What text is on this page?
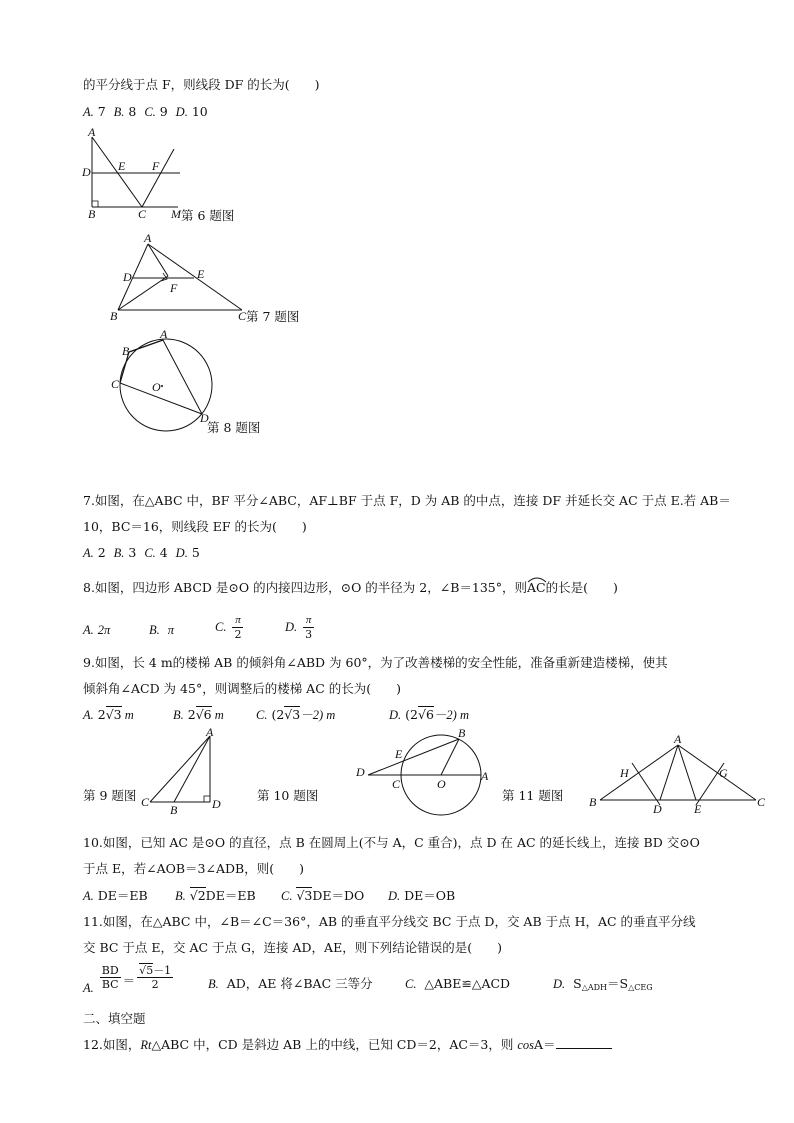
的平分线于点 F，则线段 DF 的长为(　　)
A. 7 B. 8 C. 9 D. 10
A
D E F
B	C M 第 6 题图
A
D	E
F
B	C 第 7 题图
A
B
C	O
D
第 8 题图
7.如图，在△ABC 中，BF 平分∠ABC，AF⊥BF 于点 F，D 为 AB 的中点，连接 DF 并延长交 AC 于点 E.若 AB＝
10，BC＝16，则线段 EF 的长为(　　)
A. 2 B. 3 C. 4 D. 5
8.如图，四边形 ABCD 是⊙O 的内接四边形，⊙O 的半径为 2，∠B＝135°，则AC
的长是(　　)
A. 2π	B. π	C. $\frac{\pi}{2}$	D. $\frac{\pi}{3}$
9.如图，长 4 m的楼梯 AB 的倾斜角∠ABD 为 60°，为了改善楼梯的安全性能，准备重新建造楼梯，使其
倾斜角∠ACD 为 45°，则调整后的楼梯 AC 的长为(　　)
A. 2√3 m	B. 2√6 m	C. (2√3－2) m	D. (2√6－2) m
第 9 题图
A
C
B	D
第 10 题图
B
E
D
C	O
A
第 11 题图
A
H	G
B	D	E	C
10.如图，已知 AC 是⊙O 的直径，点 B 在圆周上(不与 A，C 重合)，点 D 在 AC 的延长线上，连接 BD 交⊙O
于点 E，若∠AOB＝3∠ADB，则(　　)
A. DE＝EB B. √2DE＝EB C. √3DE＝DO D. DE＝OB
11.如图，在△ABC 中，∠B＝∠C＝36°，AB 的垂直平分线交 BC 于点 D，交 AB 于点 H，AC 的垂直平分线
交 BC 于点 E，交 AC 于点 G，连接 AD，AE，则下列结论错误的是(　　)
A. $\frac{BD}{BC} = \frac{√5-1}{2}$	B. AD，AE 将∠BAC 三等分	C. △ABE≌△ACD	D. $S_{\triangle ADH}=S_{\triangle CEG}$
二、填空题
12.如图，Rt△ABC 中，CD 是斜边 AB 上的中线，已知 CD＝2，AC＝3，则 cosA＝
